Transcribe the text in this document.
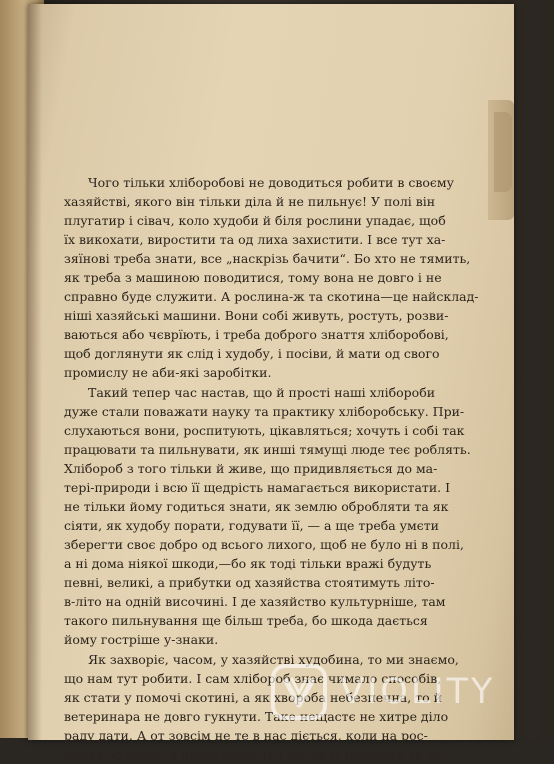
Чого тільки хліборобові не доводиться робити в своєму
хазяйстві, якого він тільки діла й не пильнує! У полі він
плугатир і сівач, коло худоби й біля рослини упадає, щоб
їх викохати, виростити та од лиха захистити. І все тут ха-
зяїнові треба знати, все „наскрізь бачити“. Бо хто не тямить,
як треба з машиною поводитися, тому вона не довго і не
справно буде служити. А рослина-ж та скотина—це найсклад-
ніші хазяйські машини. Вони собі живуть, ростуть, розви-
ваються або чєврїють, і треба доброго знаття хліборобові,
щоб доглянути як слід і худобу, і посіви, й мати од свого
промислу не аби-які заробітки.
Такий тепер час настав, що й прості наші хлібороби
дуже стали поважати науку та практику хліборобську. При-
слухаються вони, роспитують, цікавляться; хочуть і собі так
працювати та пильнувати, як инші тямущі люде теє роблять.
Хлібороб з того тільки й живе, що придивляється до ма-
тері-природи і всю її щедрість намагається використати. І
не тільки йому годиться знати, як землю обробляти та як
сіяти, як худобу порати, годувати її, — а ще треба умєти
зберегти своє добро од всього лихого, щоб не було ні в полі,
а ні дома ніякої шкоди,—бо як тоді тільки вражі будуть
певні, великі, а прибутки од хазяйства стоятимуть літо-
в-літо на одній височині. І де хазяйство культурніше, там
такого пильнування ще більш треба, бо шкода дається
йому гостріше у-знаки.
Як захворіє, часом, у хазяйстві худобина, то ми знаємо,
що нам тут робити. І сам хлібороб знає чимало способів,
як стати у помочі скотині, а як хвороба небезпечна, то й
ветеринара не довго гукнути. Таке нещастє не хитре діло
раду дати. А от зовсім не те в нас діється, коли на рос-
линах об'явиться якась напасть і почне їх нівечити та то-
VIOLITY
